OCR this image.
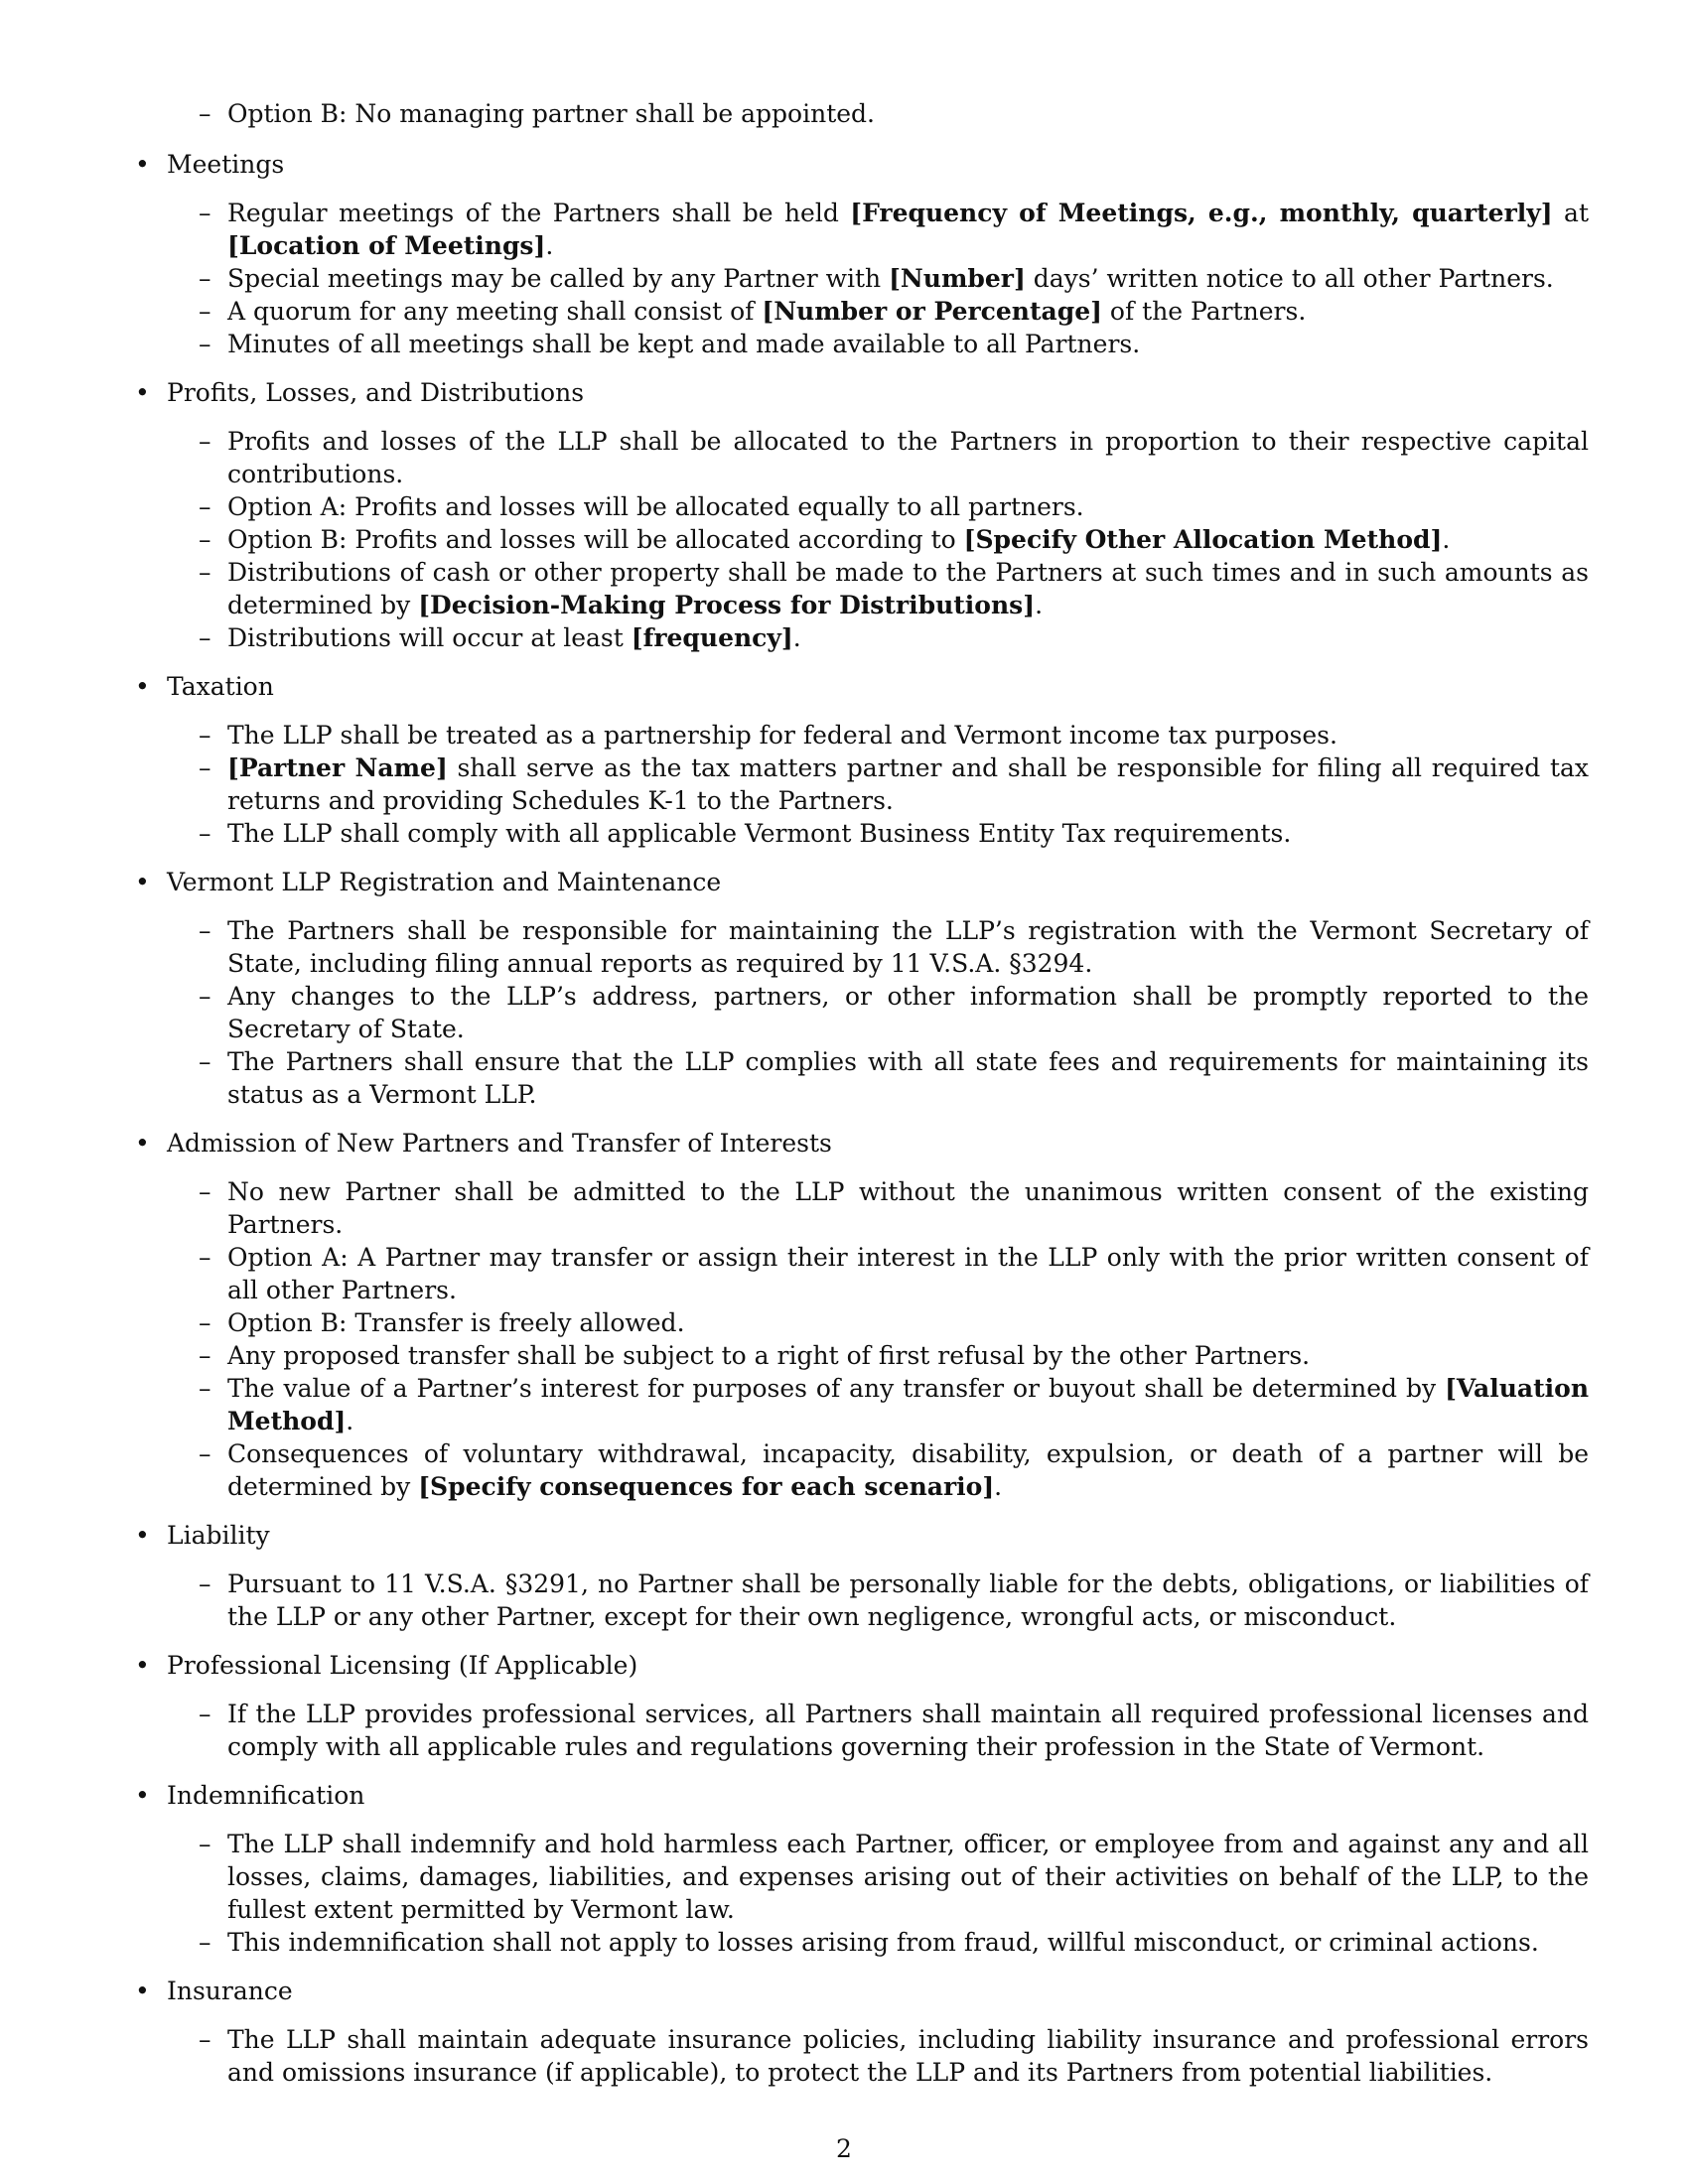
– Option B: No managing partner shall be appointed.
• Meetings
– Regular meetings of the Partners shall be held [Frequency of Meetings, e.g., monthly, quarterly] at [Location of Meetings].
– Special meetings may be called by any Partner with [Number] days’ written notice to all other Partners.
– A quorum for any meeting shall consist of [Number or Percentage] of the Partners.
– Minutes of all meetings shall be kept and made available to all Partners.
• Profits, Losses, and Distributions
– Profits and losses of the LLP shall be allocated to the Partners in proportion to their respective capital contributions.
– Option A: Profits and losses will be allocated equally to all partners.
– Option B: Profits and losses will be allocated according to [Specify Other Allocation Method].
– Distributions of cash or other property shall be made to the Partners at such times and in such amounts as determined by [Decision-Making Process for Distributions].
– Distributions will occur at least [frequency].
• Taxation
– The LLP shall be treated as a partnership for federal and Vermont income tax purposes.
– [Partner Name] shall serve as the tax matters partner and shall be responsible for filing all required tax returns and providing Schedules K-1 to the Partners.
– The LLP shall comply with all applicable Vermont Business Entity Tax requirements.
• Vermont LLP Registration and Maintenance
– The Partners shall be responsible for maintaining the LLP’s registration with the Vermont Secretary of State, including filing annual reports as required by 11 V.S.A. §3294.
– Any changes to the LLP’s address, partners, or other information shall be promptly reported to the Secretary of State.
– The Partners shall ensure that the LLP complies with all state fees and requirements for maintaining its status as a Vermont LLP.
• Admission of New Partners and Transfer of Interests
– No new Partner shall be admitted to the LLP without the unanimous written consent of the existing Partners.
– Option A: A Partner may transfer or assign their interest in the LLP only with the prior written consent of all other Partners.
– Option B: Transfer is freely allowed.
– Any proposed transfer shall be subject to a right of first refusal by the other Partners.
– The value of a Partner’s interest for purposes of any transfer or buyout shall be determined by [Valuation Method].
– Consequences of voluntary withdrawal, incapacity, disability, expulsion, or death of a partner will be determined by [Specify consequences for each scenario].
• Liability
– Pursuant to 11 V.S.A. §3291, no Partner shall be personally liable for the debts, obligations, or liabilities of the LLP or any other Partner, except for their own negligence, wrongful acts, or misconduct.
• Professional Licensing (If Applicable)
– If the LLP provides professional services, all Partners shall maintain all required professional licenses and comply with all applicable rules and regulations governing their profession in the State of Vermont.
• Indemnification
– The LLP shall indemnify and hold harmless each Partner, officer, or employee from and against any and all losses, claims, damages, liabilities, and expenses arising out of their activities on behalf of the LLP, to the fullest extent permitted by Vermont law.
– This indemnification shall not apply to losses arising from fraud, willful misconduct, or criminal actions.
• Insurance
– The LLP shall maintain adequate insurance policies, including liability insurance and professional errors and omissions insurance (if applicable), to protect the LLP and its Partners from potential liabilities.
2
